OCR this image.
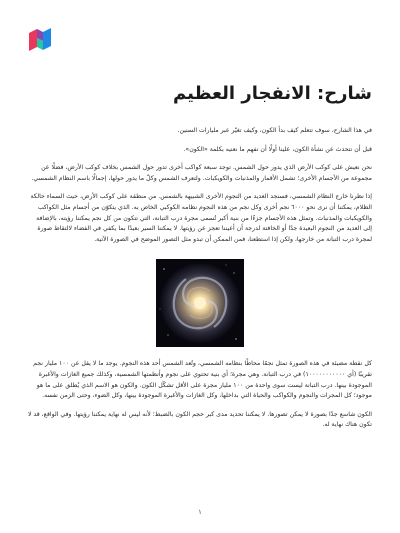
شارح: الانفجار العظيم

في هذا الشارح، سوف تتعلم كيف بدأ الكون، وكيف تغيّر عبر مليارات السنين.

قبل أن نتحدث عن نشأة الكون، علينا أولًا أن نفهم ما نعنيه بكلمة «الكون».

نحن نعيش على كوكب الأرض الذي يدور حول الشمس. توجد سبعة كواكب أخرى تدور حول الشمس بخلاف كوكب الأرض، فضلًا عن مجموعة من الأجسام الأخرى؛ تشمل الأقمار والمذنبات والكويكبات. ولتعرف الشمس وكلّ ما يدور حولها، إجمالًا باسم النظام الشمسي.

إذا نظرنا خارج النظام الشمسي، فسنجد العديد من النجوم الأخرى الشبيهة بالشمس. من منطقة على كوكب الأرض، حيث السماء حالكة الظلام، يمكننا أن نرى نحو ٦٠٠٠ نجم أخرى وكل نجم من هذه النجوم نظامه الكوكبي الخاص به. الذي يتكوّن من أجسام مثل الكواكب والكويكبات والمذنبات. وتمثل هذه الأجسام جزءًا من بنية أكبر تُسمى مجرة درب التبانة، التي تتكون من كل نجم يمكننا رؤيته، بالإضافة إلى العديد من النجوم البعيدة جدًا أو الخافتة لدرجة أن أعيننا تعجز عن رؤيتها. لا يمكننا السير بعيدًا بما يكفي في الفضاء لالتقاط صورة لمجرة درب التبانة من خارجها، ولكن إذا استطعنا، فمن الممكن أن تبدو مثل التصور الموضح في الصورة الآتية.

كل نقطة مضيئة في هذه الصورة تمثل نجمًا محاطًا بنظامه الشمسي، وتُعد الشمس أحد هذه النجوم. يوجد ما لا يقل عن ١٠٠ مليار نجم تقريبًا (أي ١٠٠٠٠٠٠٠٠٠٠٠) في درب التبانة. وهي مجرة؛ أي بنية تحتوي على نجوم وأنظمتها الشمسية، وكذلك جميع الغازات والأغبرة الموجودة بينها. درب التبانة ليست سوى واحدة من ١٠٠ مليار مجرة على الأقل تشكّل الكون. والكون هو الاسم الذي يُطلق على ما هو موجود؛ كل المجرات والنجوم والكواكب والحياة التي بداخلها، وكل الغازات والأغبرة الموجودة بينها، وكل الضوء، وحتى الزمن نفسه.

الكون شاسع جدًا بصورة لا يمكن تصورها. لا يمكننا تحديد مدى كبر حجم الكون بالضبط؛ لأنه ليس له نهاية يمكننا رؤيتها. وفي الواقع، قد لا تكون هناك نهاية له.

١
